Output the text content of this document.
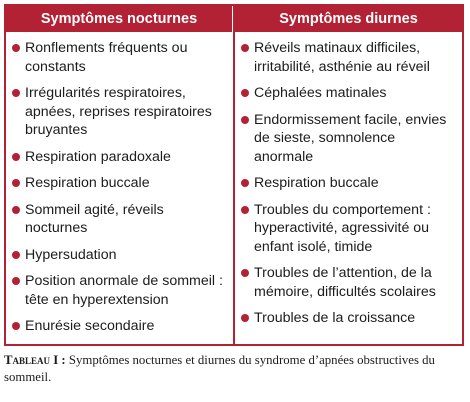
Symptômes nocturnes
Ronflements fréquents ou constants
Irrégularités respiratoires, apnées, reprises respiratoires bruyantes
Respiration paradoxale
Respiration buccale
Sommeil agité, réveils nocturnes
Hypersudation
Position anormale de sommeil : tête en hyperextension
Enurésie secondaire
Symptômes diurnes
Réveils matinaux difficiles, irritabilité, asthénie au réveil
Céphalées matinales
Endormissement facile, envies de sieste, somnolence anormale
Respiration buccale
Troubles du comportement : hyperactivité, agressivité ou enfant isolé, timide
Troubles de l’attention, de la mémoire, difficultés scolaires
Troubles de la croissance
Tableau I : Symptômes nocturnes et diurnes du syndrome d’apnées obstructives du sommeil.
